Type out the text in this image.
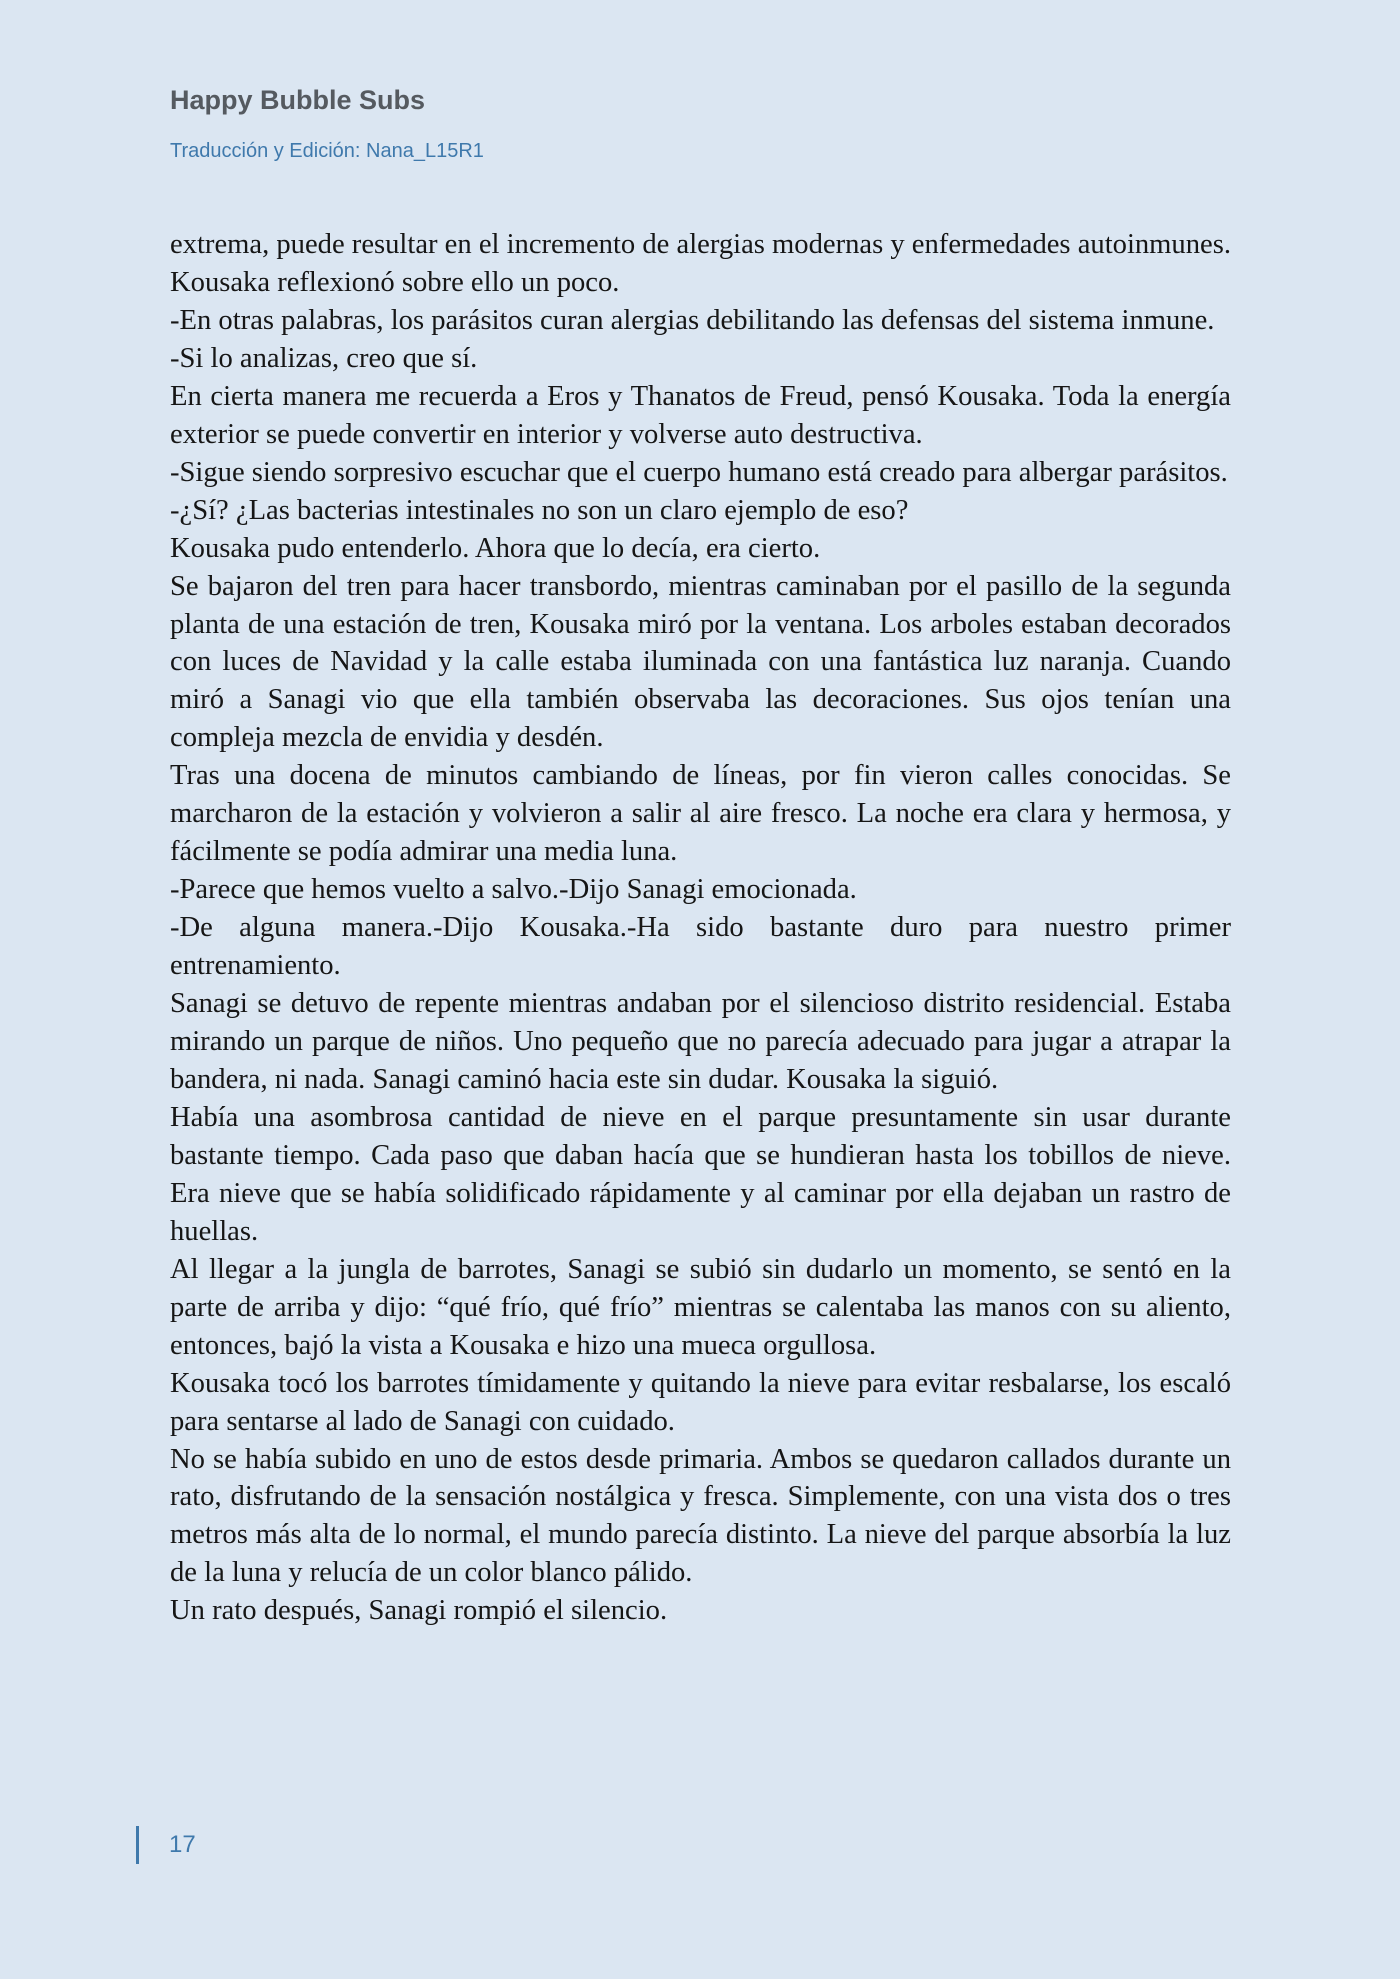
Happy Bubble Subs
Traducción y Edición: Nana_L15R1

extrema, puede resultar en el incremento de alergias modernas y enfermedades autoinmunes.

Kousaka reflexionó sobre ello un poco.

-En otras palabras, los parásitos curan alergias debilitando las defensas del sistema inmune.

-Si lo analizas, creo que sí.

En cierta manera me recuerda a Eros y Thanatos de Freud, pensó Kousaka. Toda la energía exterior se puede convertir en interior y volverse auto destructiva.

-Sigue siendo sorpresivo escuchar que el cuerpo humano está creado para albergar parásitos.

-¿Sí? ¿Las bacterias intestinales no son un claro ejemplo de eso?

Kousaka pudo entenderlo. Ahora que lo decía, era cierto.

Se bajaron del tren para hacer transbordo, mientras caminaban por el pasillo de la segunda planta de una estación de tren, Kousaka miró por la ventana. Los arboles estaban decorados con luces de Navidad y la calle estaba iluminada con una fantástica luz naranja. Cuando miró a Sanagi vio que ella también observaba las decoraciones. Sus ojos tenían una compleja mezcla de envidia y desdén.

Tras una docena de minutos cambiando de líneas, por fin vieron calles conocidas. Se marcharon de la estación y volvieron a salir al aire fresco. La noche era clara y hermosa, y fácilmente se podía admirar una media luna.

-Parece que hemos vuelto a salvo.-Dijo Sanagi emocionada.

-De alguna manera.-Dijo Kousaka.-Ha sido bastante duro para nuestro primer entrenamiento.

Sanagi se detuvo de repente mientras andaban por el silencioso distrito residencial. Estaba mirando un parque de niños. Uno pequeño que no parecía adecuado para jugar a atrapar la bandera, ni nada. Sanagi caminó hacia este sin dudar. Kousaka la siguió.

Había una asombrosa cantidad de nieve en el parque presuntamente sin usar durante bastante tiempo. Cada paso que daban hacía que se hundieran hasta los tobillos de nieve. Era nieve que se había solidificado rápidamente y al caminar por ella dejaban un rastro de huellas.

Al llegar a la jungla de barrotes, Sanagi se subió sin dudarlo un momento, se sentó en la parte de arriba y dijo: “qué frío, qué frío” mientras se calentaba las manos con su aliento, entonces, bajó la vista a Kousaka e hizo una mueca orgullosa.

Kousaka tocó los barrotes tímidamente y quitando la nieve para evitar resbalarse, los escaló para sentarse al lado de Sanagi con cuidado.

No se había subido en uno de estos desde primaria. Ambos se quedaron callados durante un rato, disfrutando de la sensación nostálgica y fresca. Simplemente, con una vista dos o tres metros más alta de lo normal, el mundo parecía distinto. La nieve del parque absorbía la luz de la luna y relucía de un color blanco pálido.

Un rato después, Sanagi rompió el silencio.

17
